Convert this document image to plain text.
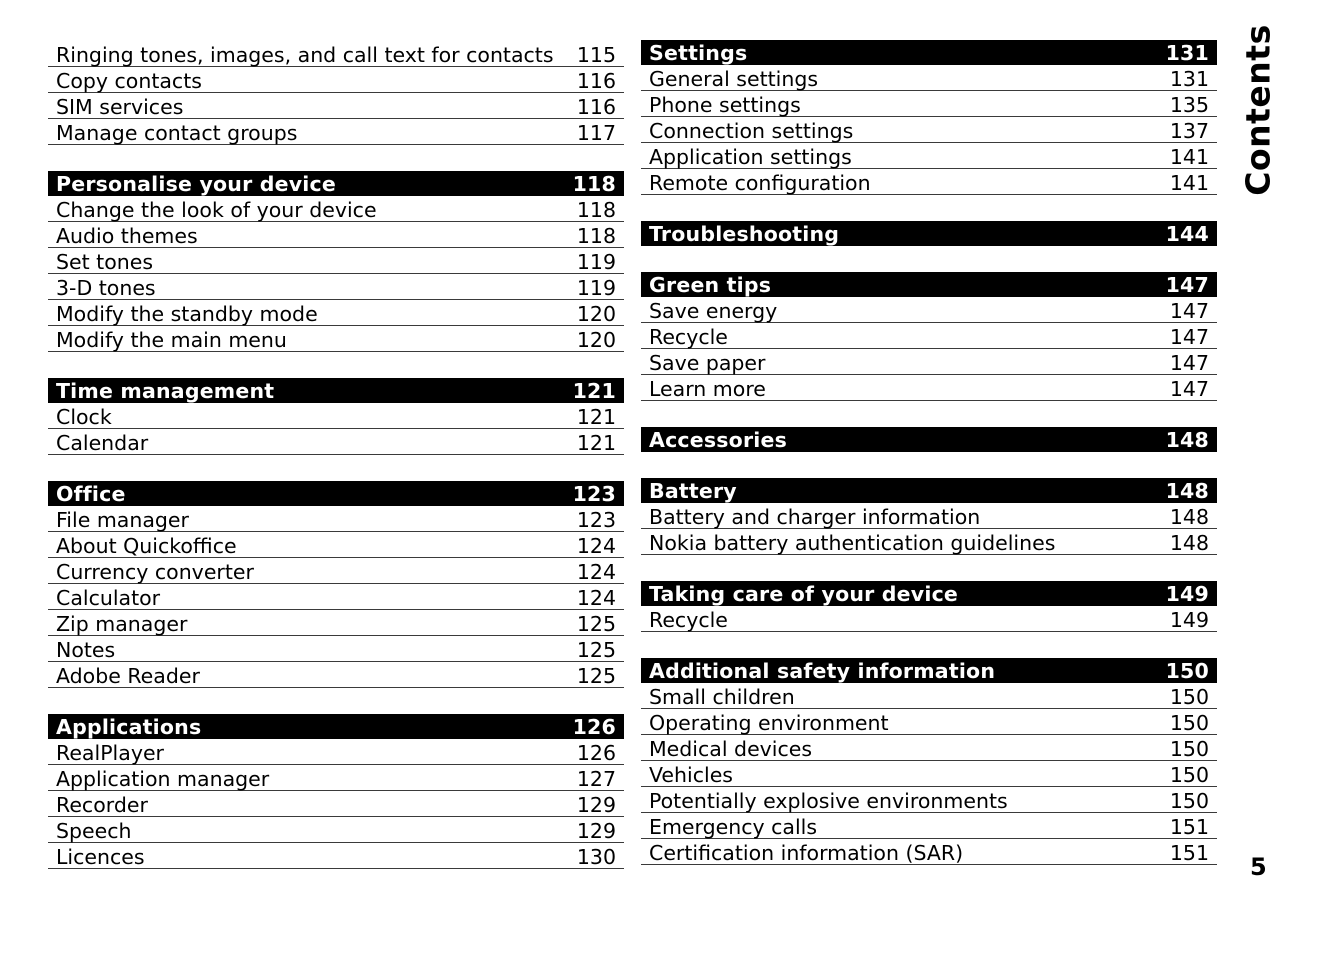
Ringing tones, images, and call text for contacts 115
Copy contacts	116
SIM services	116
Manage contact groups	117
Personalise your device	118
Change the look of your device	118
Audio themes	118
Set tones	119
3-D tones	119
Modify the standby mode	120
Modify the main menu	120
Time management	121
Clock	121
Calendar	121
Office	123
File manager	123
About Quickoffice	124
Currency converter	124
Calculator	124
Zip manager	125
Notes	125
Adobe Reader	125
Applications	126
RealPlayer	126
Application manager	127
Recorder	129
Speech	129
Licences	130
Settings	131
General settings	131
Phone settings	135
Connection settings	137
Application settings	141
Remote configuration	141
Troubleshooting	144
Green tips	147
Save energy	147
Recycle	147
Save paper	147
Learn more	147
Accessories	148
Battery	148
Battery and charger information	148
Nokia battery authentication guidelines	148
Taking care of your device	149
Recycle	149
Additional safety information	150
Small children	150
Operating environment	150
Medical devices	150
Vehicles	150
Potentially explosive environments	150
Emergency calls	151
Certification information (SAR)	151
Contents
5
